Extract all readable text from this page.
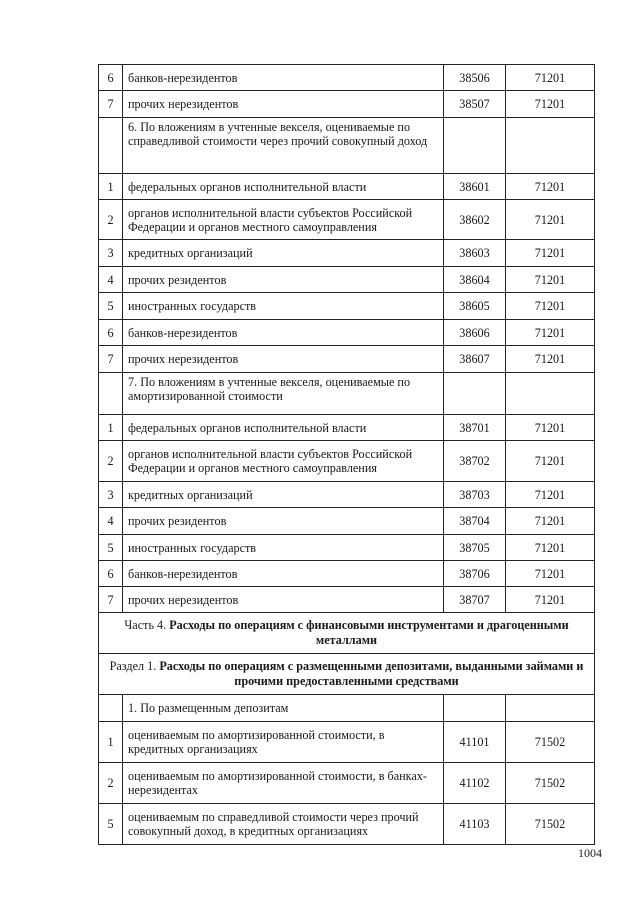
6	банков-нерезидентов	38506	71201
7	прочих нерезидентов	38507	71201
	6. По вложениям в учтенные векселя, оцениваемые по справедливой стоимости через прочий совокупный доход		
1	федеральных органов исполнительной власти	38601	71201
2	органов исполнительной власти субъектов Российской Федерации и органов местного самоуправления	38602	71201
3	кредитных организаций	38603	71201
4	прочих резидентов	38604	71201
5	иностранных государств	38605	71201
6	банков-нерезидентов	38606	71201
7	прочих нерезидентов	38607	71201
	7. По вложениям в учтенные векселя, оцениваемые по амортизированной стоимости		
1	федеральных органов исполнительной власти	38701	71201
2	органов исполнительной власти субъектов Российской Федерации и органов местного самоуправления	38702	71201
3	кредитных организаций	38703	71201
4	прочих резидентов	38704	71201
5	иностранных государств	38705	71201
6	банков-нерезидентов	38706	71201
7	прочих нерезидентов	38707	71201
Часть 4. Расходы по операциям с финансовыми инструментами и драгоценными металлами			
Раздел 1. Расходы по операциям с размещенными депозитами, выданными займами и прочими предоставленными средствами			
	1. По размещенным депозитам		
1	оцениваемым по амортизированной стоимости, в кредитных организациях	41101	71502
2	оцениваемым по амортизированной стоимости, в банках-нерезидентах	41102	71502
5	оцениваемым по справедливой стоимости через прочий совокупный доход, в кредитных организациях	41103	71502
1004
